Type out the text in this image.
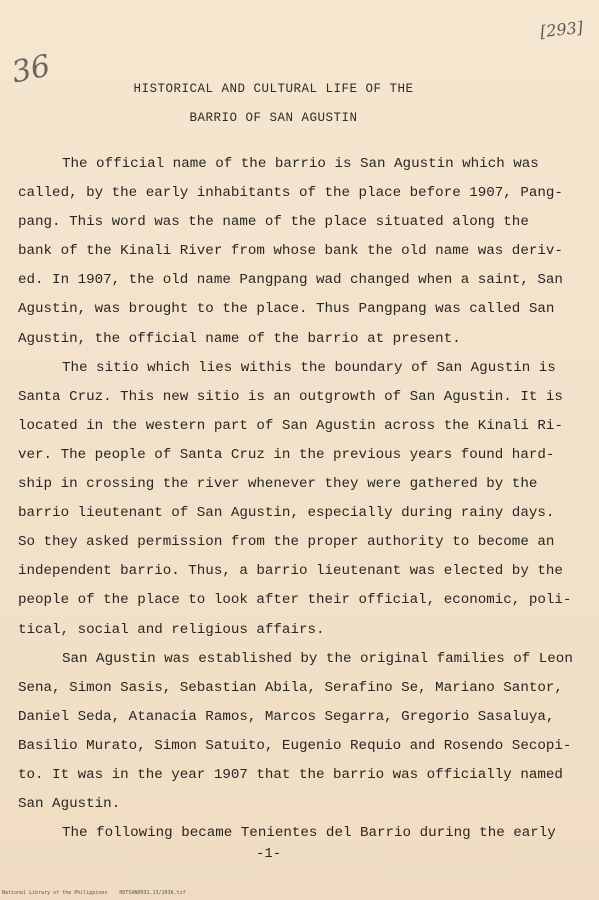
36
[293]
HISTORICAL AND CULTURAL LIFE OF THE
BARRIO OF SAN AGUSTIN
The official name of the barrio is San Agustin which was
called, by the early inhabitants of the place before 1907, Pang-
pang. This word was the name of the place situated along the
bank of the Kinali River from whose bank the old name was deriv-
ed. In 1907, the old name Pangpang wad changed when a saint, San
Agustin, was brought to the place. Thus Pangpang was called San
Agustin, the official name of the barrio at present.
The sitio which lies withis the boundary of San Agustin is
Santa Cruz. This new sitio is an outgrowth of San Agustin. It is
located in the western part of San Agustin across the Kinali Ri-
ver. The people of Santa Cruz in the previous years found hard-
ship in crossing the river whenever they were gathered by the
barrio lieutenant of San Agustin, especially during rainy days.
So they asked permission from the proper authority to become an
independent barrio. Thus, a barrio lieutenant was elected by the
people of the place to look after their official, economic, poli-
tical, social and religious affairs.
San Agustin was established by the original families of Leon
Sena, Simon Sasis, Sebastian Abila, Serafino Se, Mariano Santor,
Daniel Seda, Atanacia Ramos, Marcos Segarra, Gregorio Sasaluya,
Basilio Murato, Simon Satuito, Eugenio Requio and Rosendo Secopi-
to. It was in the year 1907 that the barrio was officially named
San Agustin.
The following became Tenientes del Barrio during the early
-1-
National Library of the Philippines    HDTSAN0031.13/2036.tif
